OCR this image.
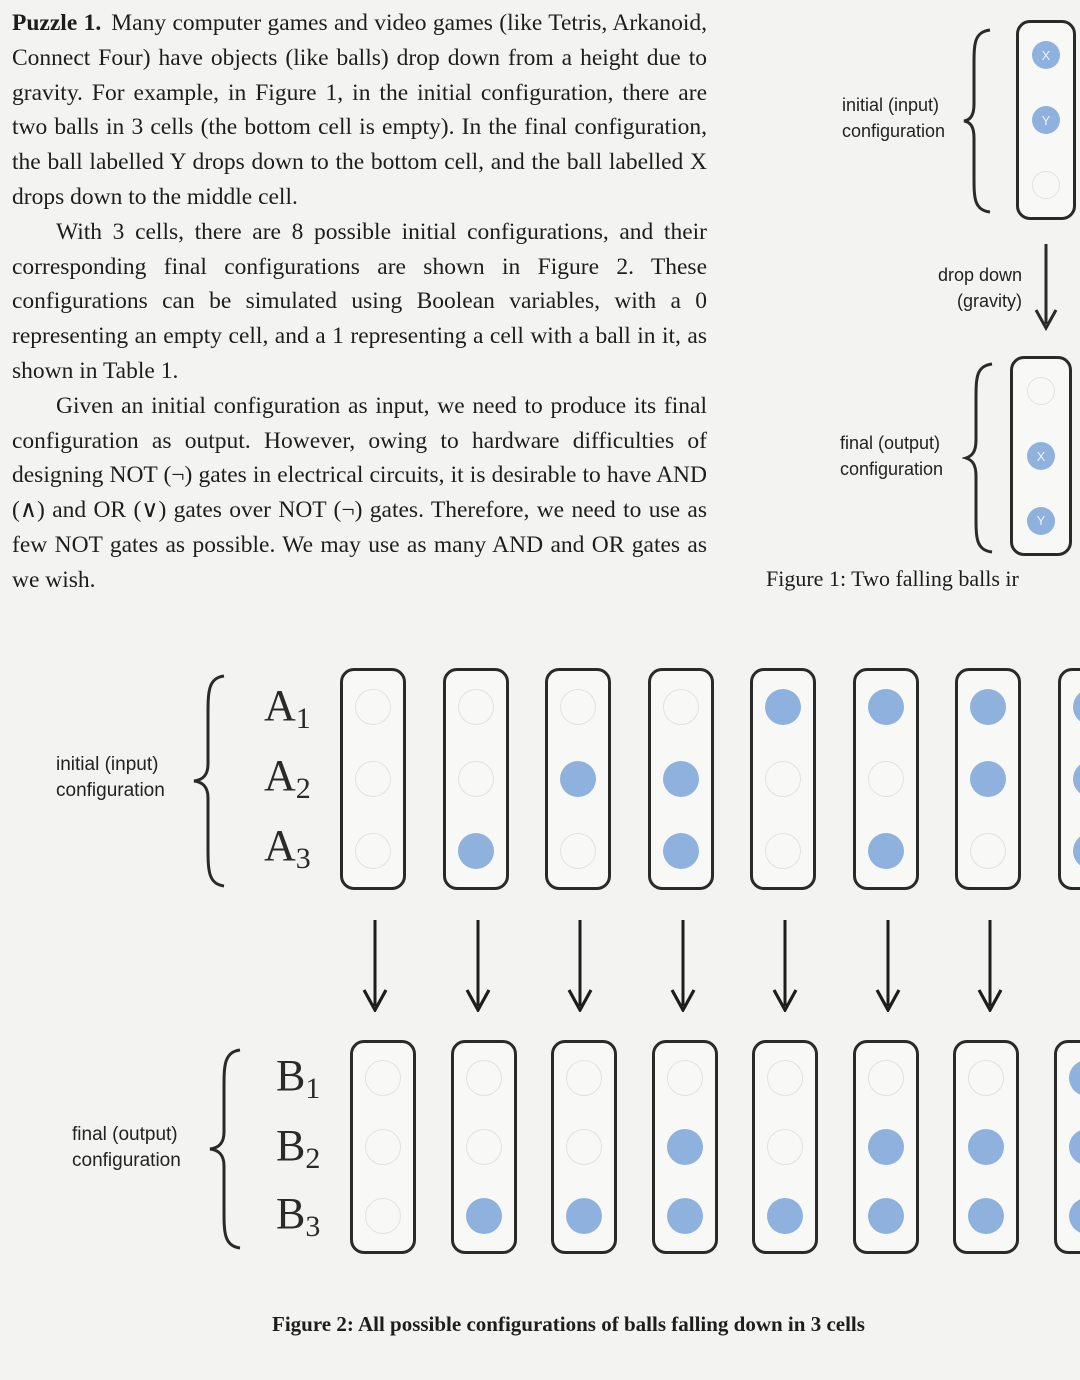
Puzzle 1. Many computer games and video games (like Tetris, Arkanoid, Connect Four) have objects (like balls) drop down from a height due to gravity. For example, in Figure 1, in the initial configuration, there are two balls in 3 cells (the bottom cell is empty). In the final configuration, the ball labelled Y drops down to the bottom cell, and the ball labelled X drops down to the middle cell.

With 3 cells, there are 8 possible initial configurations, and their corresponding final configurations are shown in Figure 2. These configurations can be simulated using Boolean variables, with a 0 representing an empty cell, and a 1 representing a cell with a ball in it, as shown in Table 1.

Given an initial configuration as input, we need to produce its final configuration as output. However, owing to hardware difficulties of designing NOT (¬) gates in electrical circuits, it is desirable to have AND (∧) and OR (∨) gates over NOT (¬) gates. Therefore, we need to use as few NOT gates as possible. We may use as many AND and OR gates as we wish.

initial (input)
configuration
X
Y
drop down
(gravity)
final (output)
configuration
X
Y
Figure 1: Two falling balls ir
initial (input)
configuration
$A_1$
$A_2$
$A_3$
final (output)
configuration
$B_1$
$B_2$
$B_3$
Figure 2: All possible configurations of balls falling down in 3 cells
